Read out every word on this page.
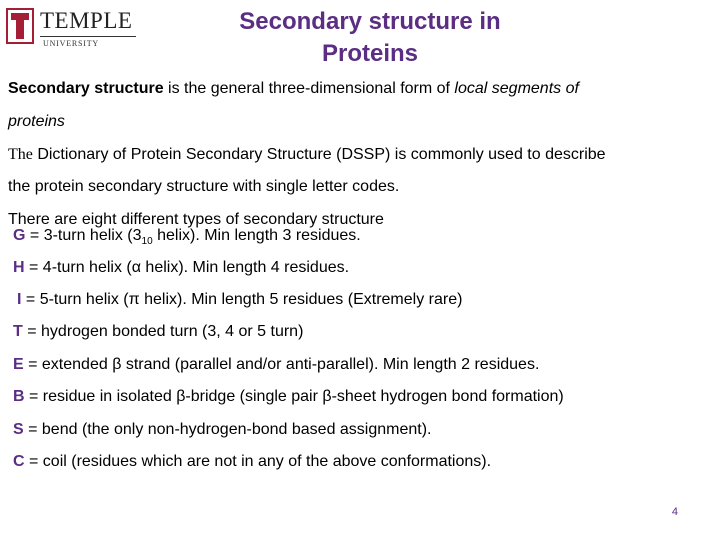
TEMPLE
UNIVERSITY
Secondary structure in
Proteins
Secondary structure is the general three-dimensional form of local segments of
proteins
The Dictionary of Protein Secondary Structure (DSSP) is commonly used to describe
the protein secondary structure with single letter codes.
There are eight different types of secondary structure
G = 3-turn helix ($3_{10}$ helix). Min length 3 residues.
H = 4-turn helix (α helix). Min length 4 residues.
I = 5-turn helix (π helix). Min length 5 residues (Extremely rare)
T = hydrogen bonded turn (3, 4 or 5 turn)
E = extended β strand (parallel and/or anti-parallel). Min length 2 residues.
B = residue in isolated β-bridge (single pair β-sheet hydrogen bond formation)
S = bend (the only non-hydrogen-bond based assignment).
C = coil (residues which are not in any of the above conformations).
4
